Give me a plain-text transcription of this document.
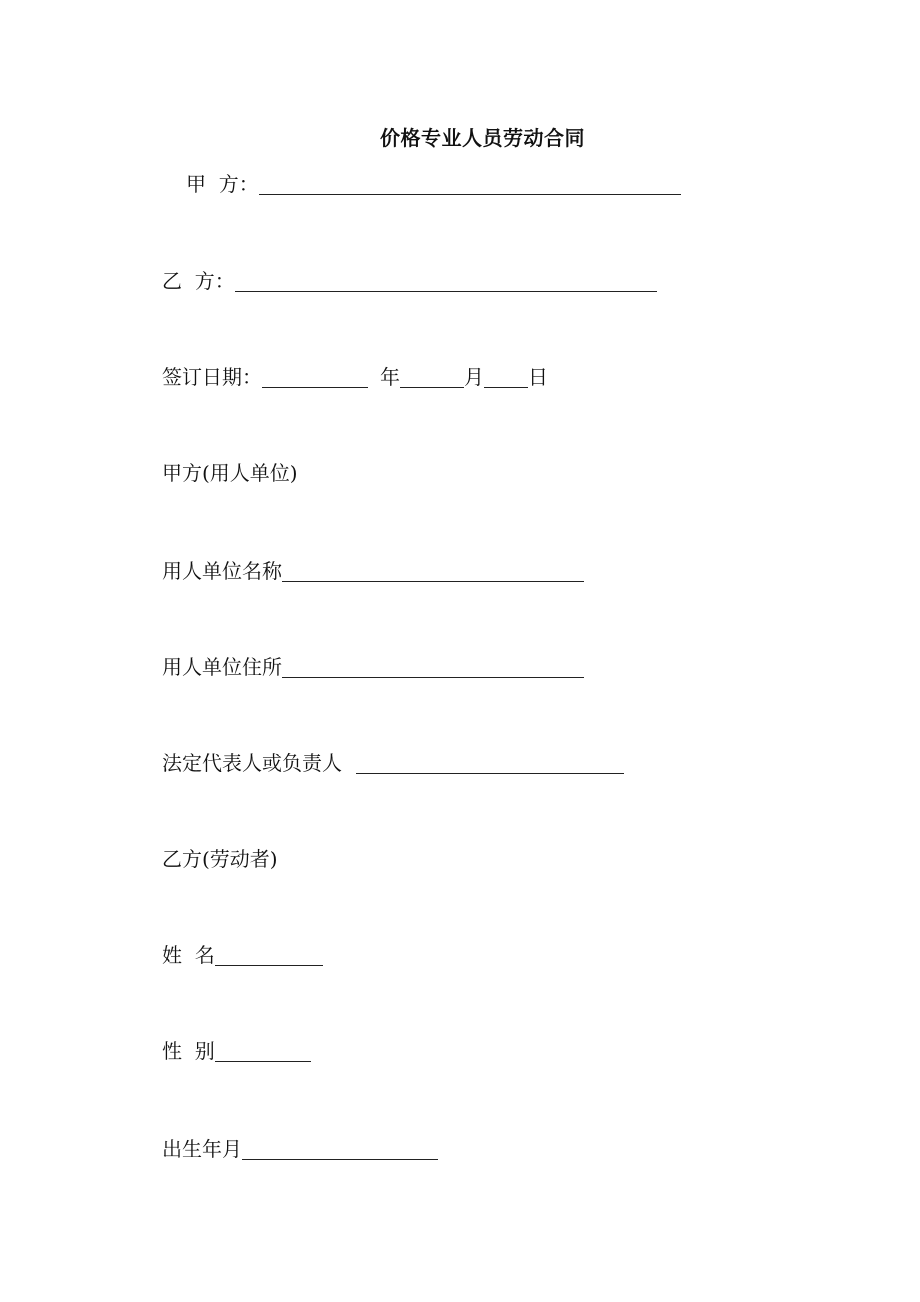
价格专业人员劳动合同
甲  方：
乙  方：
签订日期：	年	月 日
甲方(用人单位)
用人单位名称
用人单位住所
法定代表人或负责人
乙方(劳动者)
姓  名
性  别
出生年月
